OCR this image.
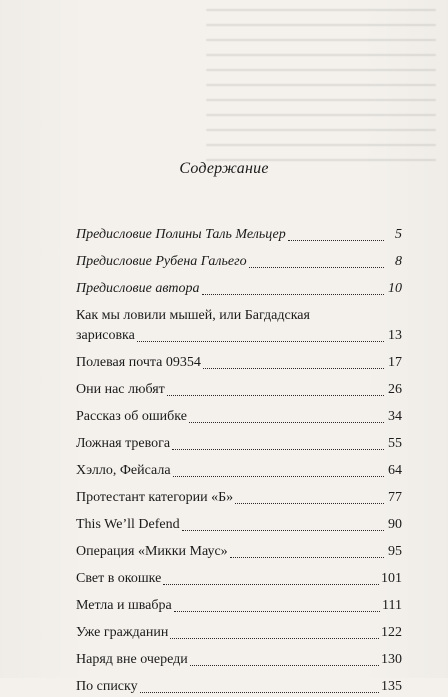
Содержание
Предисловие Полины Таль Мельцер	5
Предисловие Рубена Гальего	8
Предисловие автора	10
Как мы ловили мышей, или Багдадская
зарисовка	13
Полевая почта 09354	17
Они нас любят	26
Рассказ об ошибке	34
Ложная тревога	55
Хэлло, Фейсала	64
Протестант категории «Б»	77
This We’ll Defend	90
Операция «Микки Маус»	95
Свет в окошке	101
Метла и швабра	111
Уже гражданин	122
Наряд вне очереди	130
По списку	135
